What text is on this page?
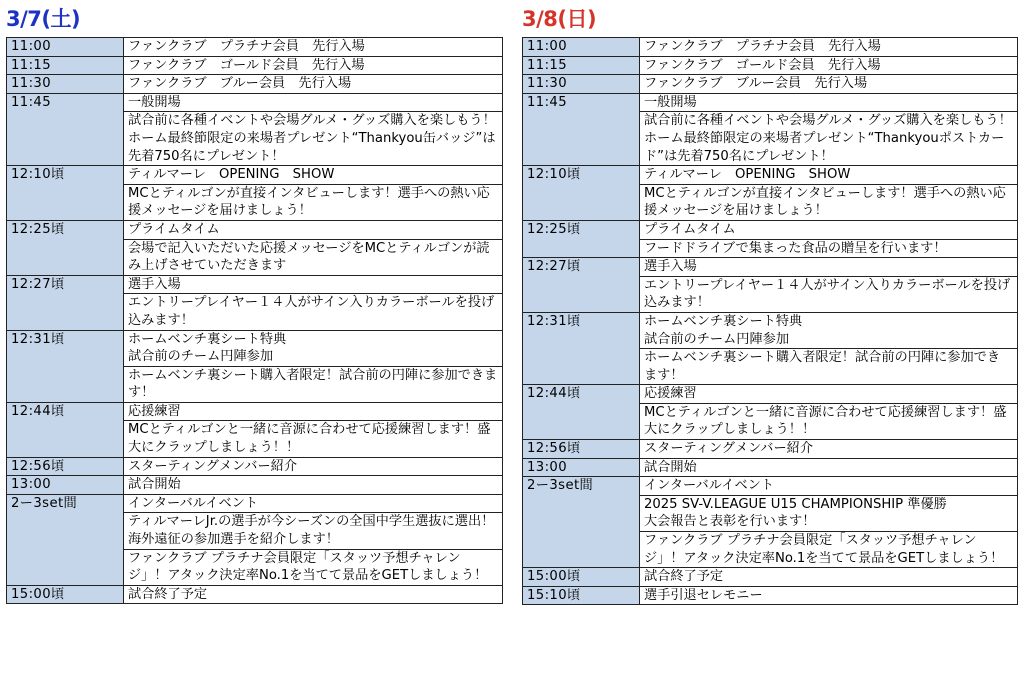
3/7(土)
11:00	ファンクラブ　プラチナ会員　先行入場
11:15	ファンクラブ　ゴールド会員　先行入場
11:30	ファンクラブ　ブルー会員　先行入場
11:45	一般開場
	試合前に各種イベントや会場グルメ・グッズ購入を楽しもう！ホーム最終節限定の来場者プレゼント“Thankyou缶バッジ”は先着750名にプレゼント！
12:10頃	ティルマーレ　OPENING　SHOW
	MCとティルゴンが直接インタビューします！選手への熱い応援メッセージを届けましょう！
12:25頃	プライムタイム
	会場で記入いただいた応援メッセージをMCとティルゴンが読み上げさせていただきます
12:27頃	選手入場
	エントリープレイヤー１４人がサイン入りカラーボールを投げ込みます！
12:31頃	ホームベンチ裏シート特典
試合前のチーム円陣参加
	ホームベンチ裏シート購入者限定！試合前の円陣に参加できます！
12:44頃	応援練習
	MCとティルゴンと一緒に音源に合わせて応援練習します！盛大にクラップしましょう！！
12:56頃	スターティングメンバー紹介
13:00	試合開始
2ー3set間	インターバルイベント
	ティルマーレJr.の選手が今シーズンの全国中学生選抜に選出！海外遠征の参加選手を紹介します！
	ファンクラブ プラチナ会員限定「スタッツ予想チャレンジ」！アタック決定率No.1を当てて景品をGETしましょう！
15:00頃	試合終了予定
3/8(日)
11:00	ファンクラブ　プラチナ会員　先行入場
11:15	ファンクラブ　ゴールド会員　先行入場
11:30	ファンクラブ　ブルー会員　先行入場
11:45	一般開場
	試合前に各種イベントや会場グルメ・グッズ購入を楽しもう！ホーム最終節限定の来場者プレゼント“Thankyouポストカード”は先着750名にプレゼント！
12:10頃	ティルマーレ　OPENING　SHOW
	MCとティルゴンが直接インタビューします！選手への熱い応援メッセージを届けましょう！
12:25頃	プライムタイム
	フードドライブで集まった食品の贈呈を行います！
12:27頃	選手入場
	エントリープレイヤー１４人がサイン入りカラーボールを投げ込みます！
12:31頃	ホームベンチ裏シート特典
試合前のチーム円陣参加
	ホームベンチ裏シート購入者限定！試合前の円陣に参加できます！
12:44頃	応援練習
	MCとティルゴンと一緒に音源に合わせて応援練習します！盛大にクラップしましょう！！
12:56頃	スターティングメンバー紹介
13:00	試合開始
2ー3set間	インターバルイベント
	2025 SV-V.LEAGUE U15 CHAMPIONSHIP 準優勝
大会報告と表彰を行います！
	ファンクラブ プラチナ会員限定「スタッツ予想チャレンジ」！アタック決定率No.1を当てて景品をGETしましょう！
15:00頃	試合終了予定
15:10頃	選手引退セレモニー
